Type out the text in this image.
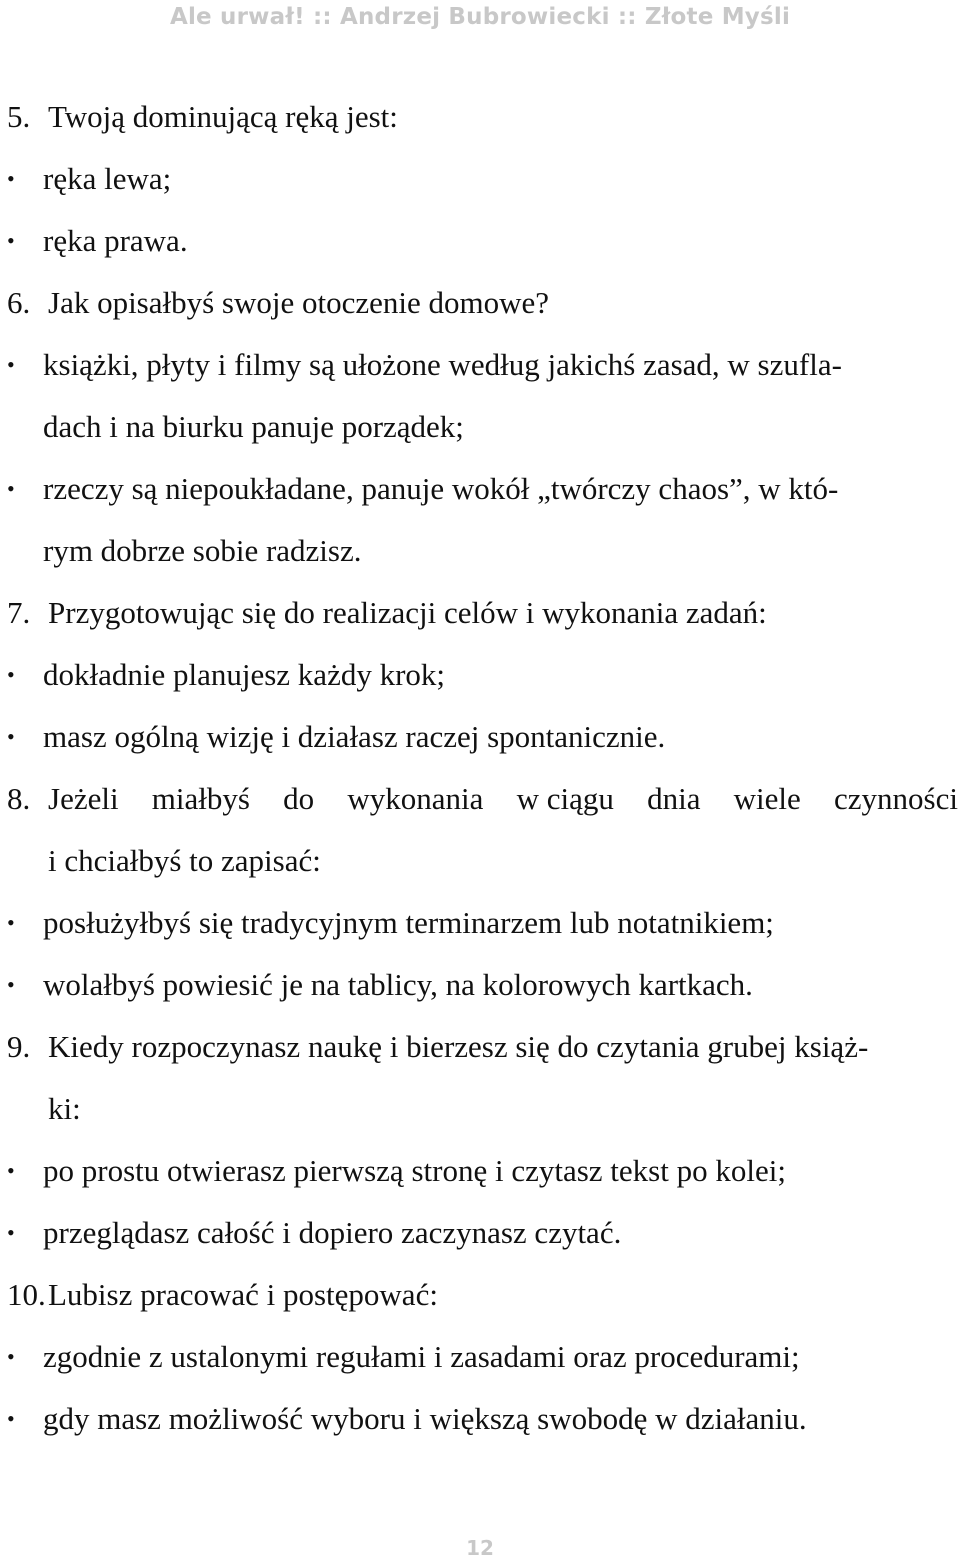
Ale urwał! :: Andrzej Bubrowiecki :: Złote Myśli
5. Twoją dominującą ręką jest:
• ręka lewa;
• ręka prawa.
6. Jak opisałbyś swoje otoczenie domowe?
• książki, płyty i filmy są ułożone według jakichś zasad, w szufla-
dach i na biurku panuje porządek;
• rzeczy są niepoukładane, panuje wokół „twórczy chaos”, w któ-
rym dobrze sobie radzisz.
7. Przygotowując się do realizacji celów i wykonania zadań:
• dokładnie planujesz każdy krok;
• masz ogólną wizję i działasz raczej spontanicznie.
8. Jeżeli miałbyś do wykonania w ciągu dnia wiele czynności
i chciałbyś to zapisać:
• posłużyłbyś się tradycyjnym terminarzem lub notatnikiem;
• wolałbyś powiesić je na tablicy, na kolorowych kartkach.
9. Kiedy rozpoczynasz naukę i bierzesz się do czytania grubej książ-
ki:
• po prostu otwierasz pierwszą stronę i czytasz tekst po kolei;
• przeglądasz całość i dopiero zaczynasz czytać.
10. Lubisz pracować i postępować:
• zgodnie z ustalonymi regułami i zasadami oraz procedurami;
• gdy masz możliwość wyboru i większą swobodę w działaniu.
12
